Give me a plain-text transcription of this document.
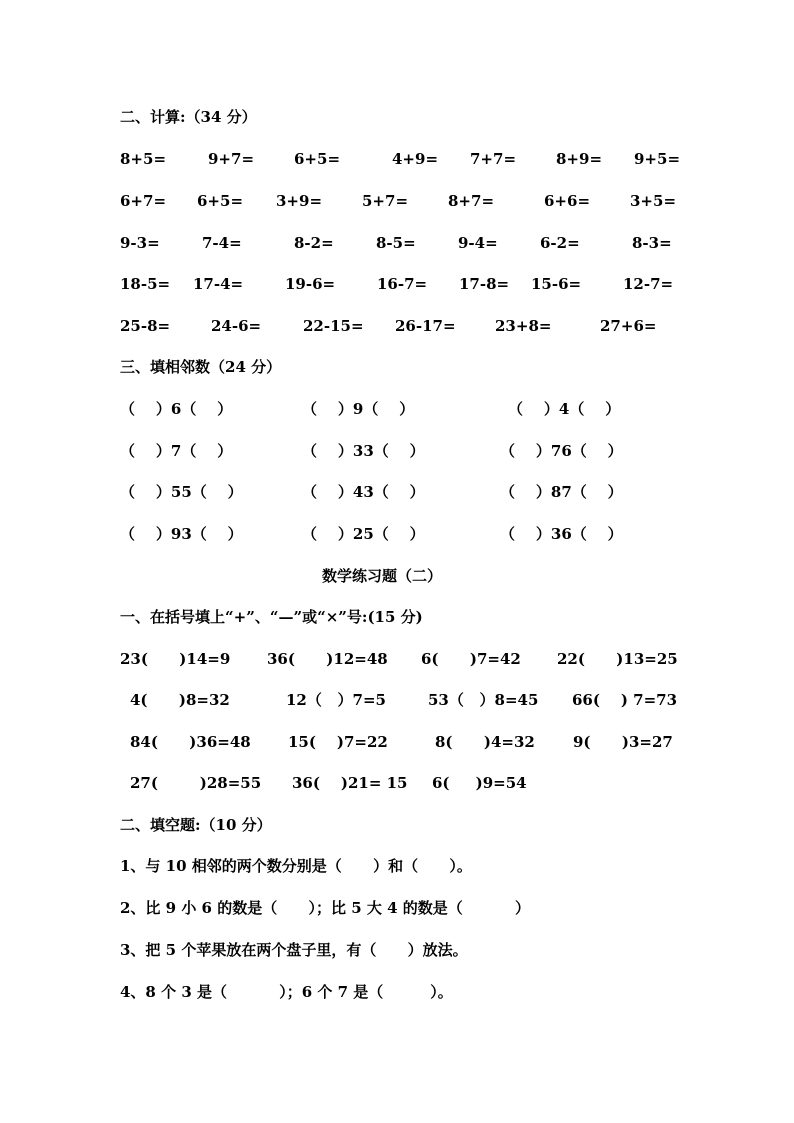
二、计算:（34 分）
8+5=	9+7=	6+5=	4+9= 7+7=	8+9= 9+5=
6+7= 6+5= 3+9=	5+7=	8+7=	6+6=	3+5=
9-3=	7-4=	8-2=	8-5=	9-4=	6-2=	8-3=
18-5= 17-4=	19-6=	16-7= 17-8= 15-6=	12-7=
25-8=	24-6=	22-15= 26-17=	23+8=	27+6=
三、填相邻数（24 分）
（    ）6（    ）	（    ）9（    ）	（    ）4（    ）
（    ）7（    ）	（    ）33（    ）	（    ）76（    ）
（    ）55（    ）	（    ）43（    ）	（    ）87（    ）
（    ）93（    ）	（    ）25（    ）	（    ）36（    ）
数学练习题（二）
一、在括号填上“+”、“—”或“×”号:(15 分)
23(      )14=9 36(      )12=48 6(      )7=42 22(      )13=25
4(      )8=32	12（   ）7=5	53（   ）8=45 66(    ) 7=73
84(      )36=48 15(    )7=22	8(      )4=32	9(      )3=27
27(        )28=55 36(    )21= 15 6(     )9=54
二、填空题:（10 分）
1、与 10 相邻的两个数分别是（      ）和（      ）。
2、比 9 小 6 的数是（      ）；比 5 大 4 的数是（          ）
3、把 5 个苹果放在两个盘子里，有（      ）放法。
4、8 个 3 是（          ）；6 个 7 是（         ）。
